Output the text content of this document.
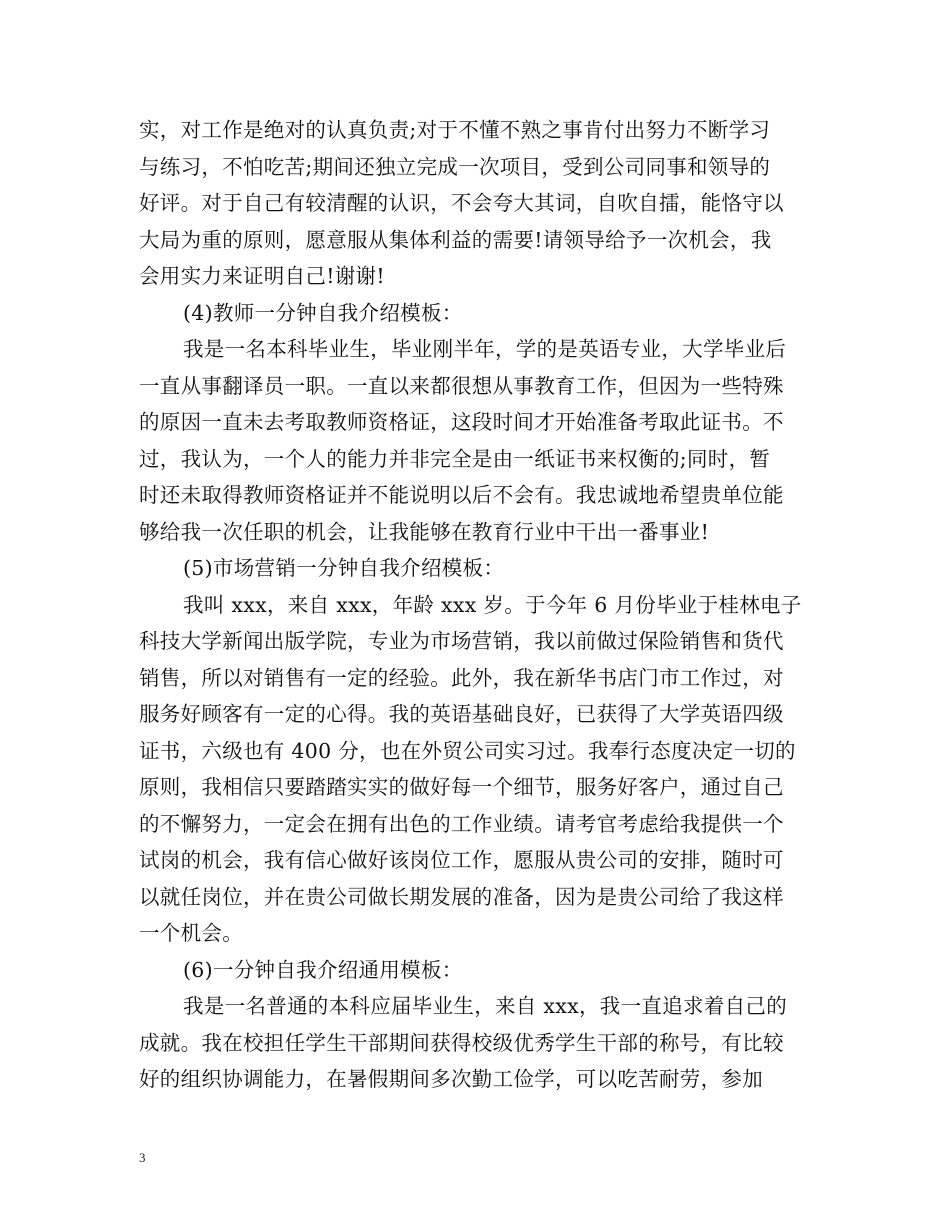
实，对工作是绝对的认真负责;对于不懂不熟之事肯付出努力不断学习
与练习，不怕吃苦;期间还独立完成一次项目，受到公司同事和领导的
好评。对于自己有较清醒的认识，不会夸大其词，自吹自擂，能恪守以
大局为重的原则，愿意服从集体利益的需要!请领导给予一次机会，我
会用实力来证明自己!谢谢!
(4)教师一分钟自我介绍模板：
我是一名本科毕业生，毕业刚半年，学的是英语专业，大学毕业后
一直从事翻译员一职。一直以来都很想从事教育工作，但因为一些特殊
的原因一直未去考取教师资格证，这段时间才开始准备考取此证书。不
过，我认为，一个人的能力并非完全是由一纸证书来权衡的;同时，暂
时还未取得教师资格证并不能说明以后不会有。我忠诚地希望贵单位能
够给我一次任职的机会，让我能够在教育行业中干出一番事业!
(5)市场营销一分钟自我介绍模板：
我叫 xxx，来自 xxx，年龄 xxx 岁。于今年 6 月份毕业于桂林电子
科技大学新闻出版学院，专业为市场营销，我以前做过保险销售和货代
销售，所以对销售有一定的经验。此外，我在新华书店门市工作过，对
服务好顾客有一定的心得。我的英语基础良好，已获得了大学英语四级
证书，六级也有 400 分，也在外贸公司实习过。我奉行态度决定一切的
原则，我相信只要踏踏实实的做好每一个细节，服务好客户，通过自己
的不懈努力，一定会在拥有出色的工作业绩。请考官考虑给我提供一个
试岗的机会，我有信心做好该岗位工作，愿服从贵公司的安排，随时可
以就任岗位，并在贵公司做长期发展的准备，因为是贵公司给了我这样
一个机会。
(6)一分钟自我介绍通用模板：
我是一名普通的本科应届毕业生，来自 xxx，我一直追求着自己的
成就。我在校担任学生干部期间获得校级优秀学生干部的称号，有比较
好的组织协调能力，在暑假期间多次勤工俭学，可以吃苦耐劳，参加
3
